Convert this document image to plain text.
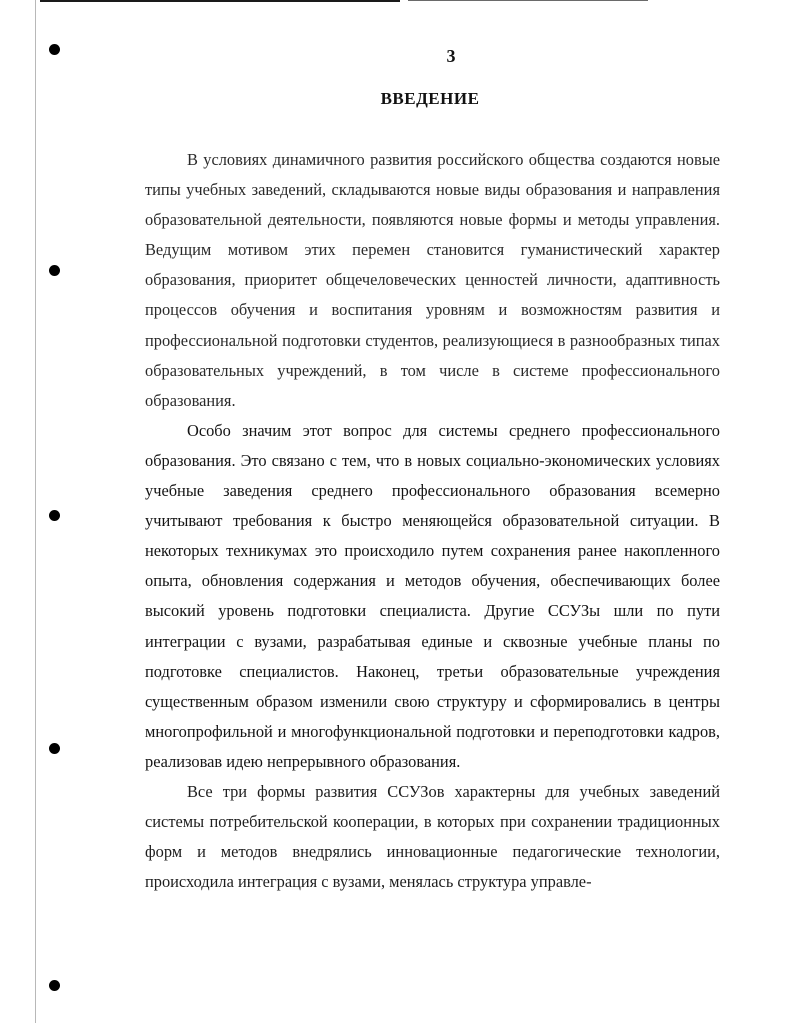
3
ВВЕДЕНИЕ

В условиях динамичного развития российского общества создаются новые типы учебных заведений, складываются новые виды образования и направления образовательной деятельности, появляются новые формы и методы управления. Ведущим мотивом этих перемен становится гуманистический характер образования, приоритет общечеловеческих ценностей личности, адаптивность процессов обучения и воспитания уровням и возможностям развития и профессиональной подготовки студентов, реализующиеся в разнообразных типах образовательных учреждений, в том числе в системе профессионального образования.

Особо значим этот вопрос для системы среднего профессионального образования. Это связано с тем, что в новых социально-экономических условиях учебные заведения среднего профессионального образования всемерно учитывают требования к быстро меняющейся образовательной ситуации. В некоторых техникумах это происходило путем сохранения ранее накопленного опыта, обновления содержания и методов обучения, обеспечивающих более высокий уровень подготовки специалиста. Другие ССУЗы шли по пути интеграции с вузами, разрабатывая единые и сквозные учебные планы по подготовке специалистов. Наконец, третьи образовательные учреждения существенным образом изменили свою структуру и сформировались в центры многопрофильной и многофункциональной подготовки и переподготовки кадров, реализовав идею непрерывного образования.

Все три формы развития ССУЗов характерны для учебных заведений системы потребительской кооперации, в которых при сохранении традиционных форм и методов внедрялись инновационные педагогические технологии, происходила интеграция с вузами, менялась структура управле-
